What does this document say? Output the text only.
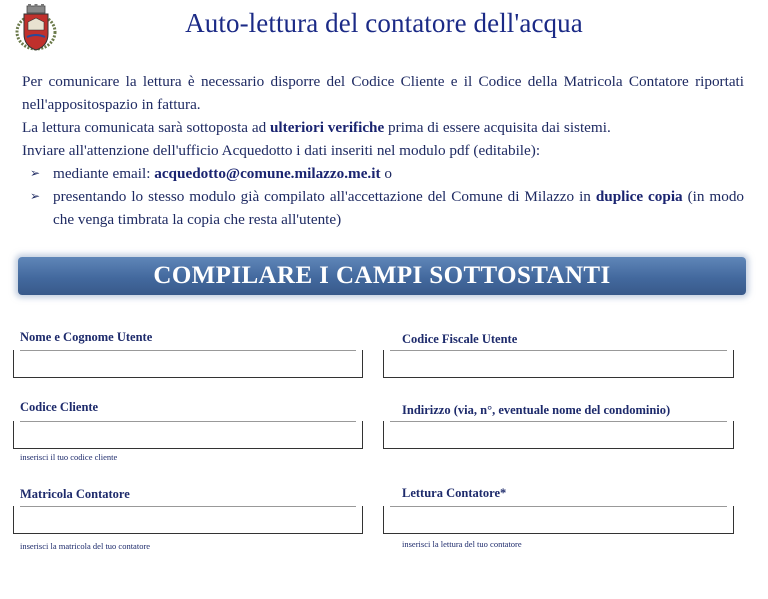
Auto-lettura del contatore dell'acqua

Per comunicare la lettura è necessario disporre del Codice Cliente e il Codice della Matricola Contatore riportati nell'appositospazio in fattura.

La lettura comunicata sarà sottoposta ad ulteriori verifiche prima di essere acquisita dai sistemi.

Inviare all'attenzione dell'ufficio Acquedotto i dati inseriti nel modulo pdf (editabile):

➢ mediante email: acquedotto@comune.milazzo.me.it o
➢ presentando lo stesso modulo già compilato all'accettazione del Comune di Milazzo in duplice copia (in modo che venga timbrata la copia che resta all'utente)
COMPILARE I CAMPI SOTTOSTANTI
Nome e Cognome Utente
Codice Cliente
inserisci il tuo codice cliente
Matricola Contatore
inserisci la matricola del tuo contatore
Codice Fiscale Utente
Indirizzo (via, n°, eventuale nome del condominio)
Lettura Contatore*
inserisci la lettura del tuo contatore
